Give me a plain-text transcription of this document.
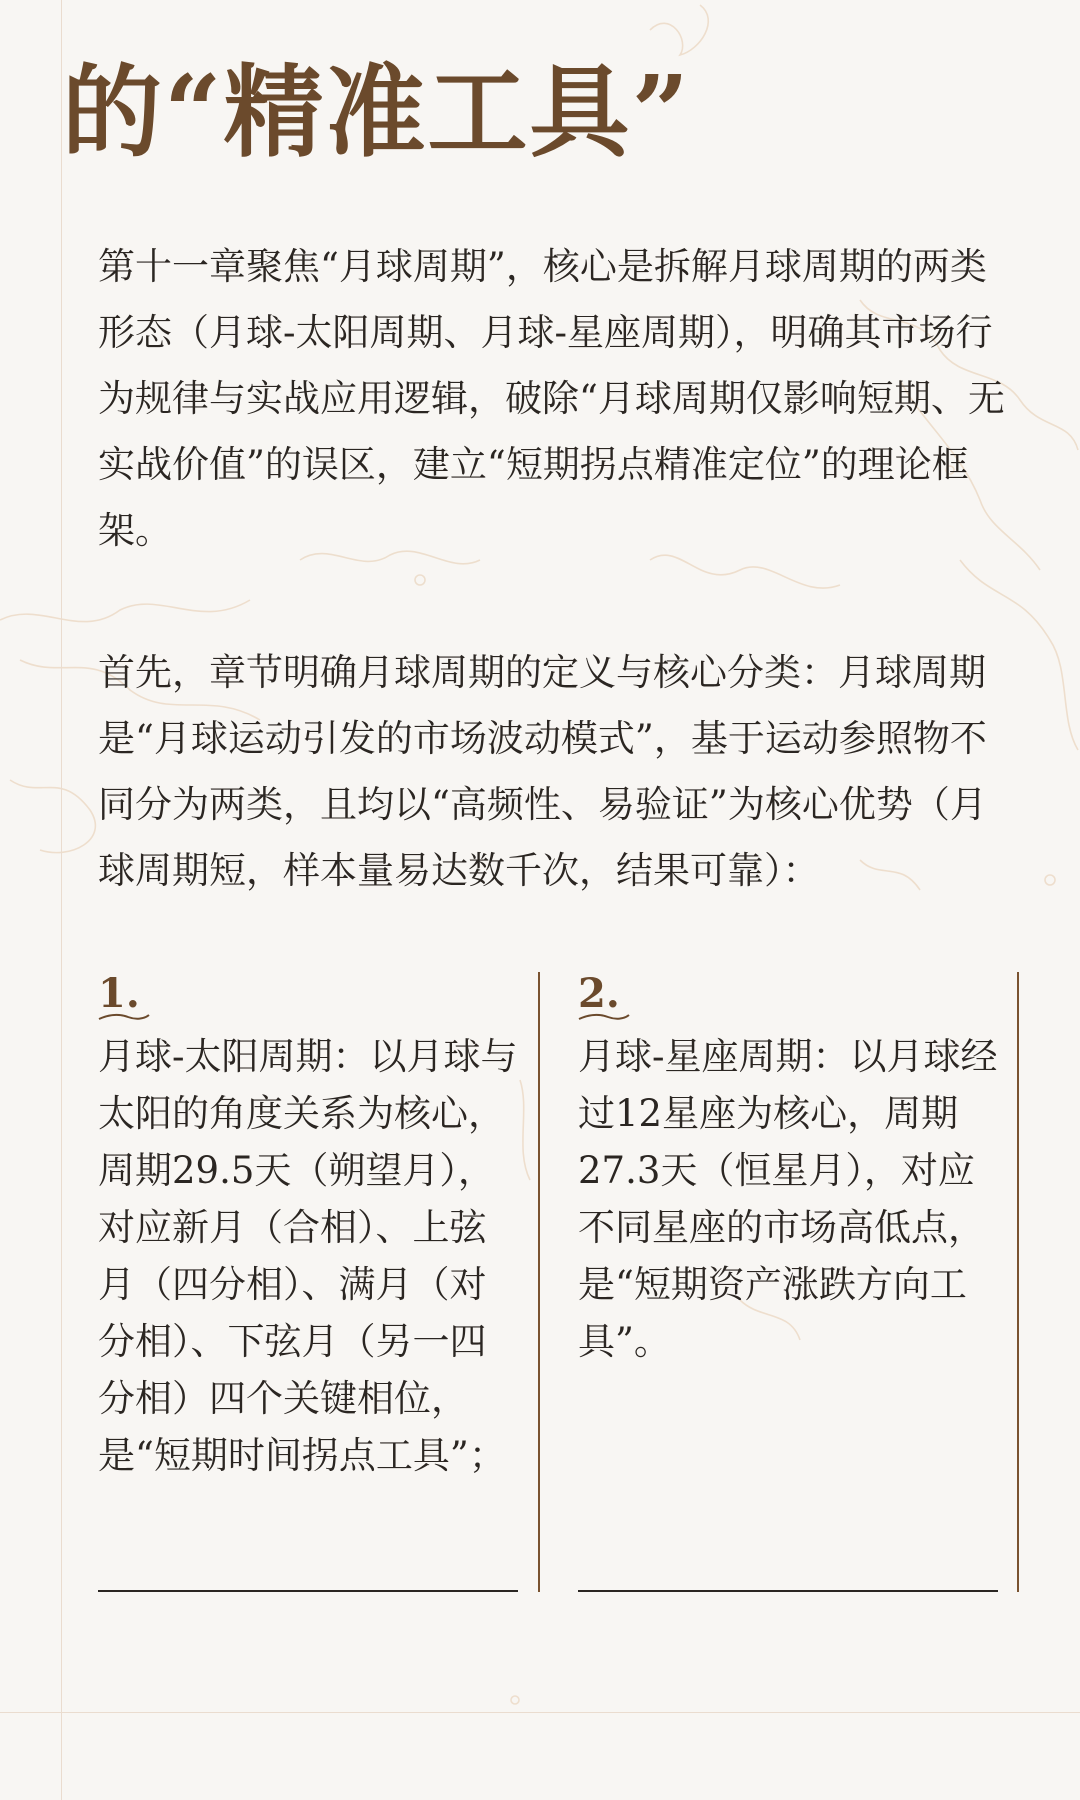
的“精准工具”

第十一章聚焦“月球周期”，核心是拆解月球周期的两类形态（月球-太阳周期、月球-星座周期），明确其市场行为规律与实战应用逻辑，破除“月球周期仅影响短期、无实战价值”的误区，建立“短期拐点精准定位”的理论框架。

首先，章节明确月球周期的定义与核心分类：月球周期是“月球运动引发的市场波动模式”，基于运动参照物不同分为两类，且均以“高频性、易验证”为核心优势（月球周期短，样本量易达数千次，结果可靠）：

1.

月球-太阳周期：以月球与太阳的角度关系为核心，周期29.5天（朔望月），对应新月（合相）、上弦月（四分相）、满月（对分相）、下弦月（另一四分相）四个关键相位，是“短期时间拐点工具”；

2.

月球-星座周期：以月球经过12星座为核心，周期27.3天（恒星月），对应不同星座的市场高低点，是“短期资产涨跌方向工具”。
